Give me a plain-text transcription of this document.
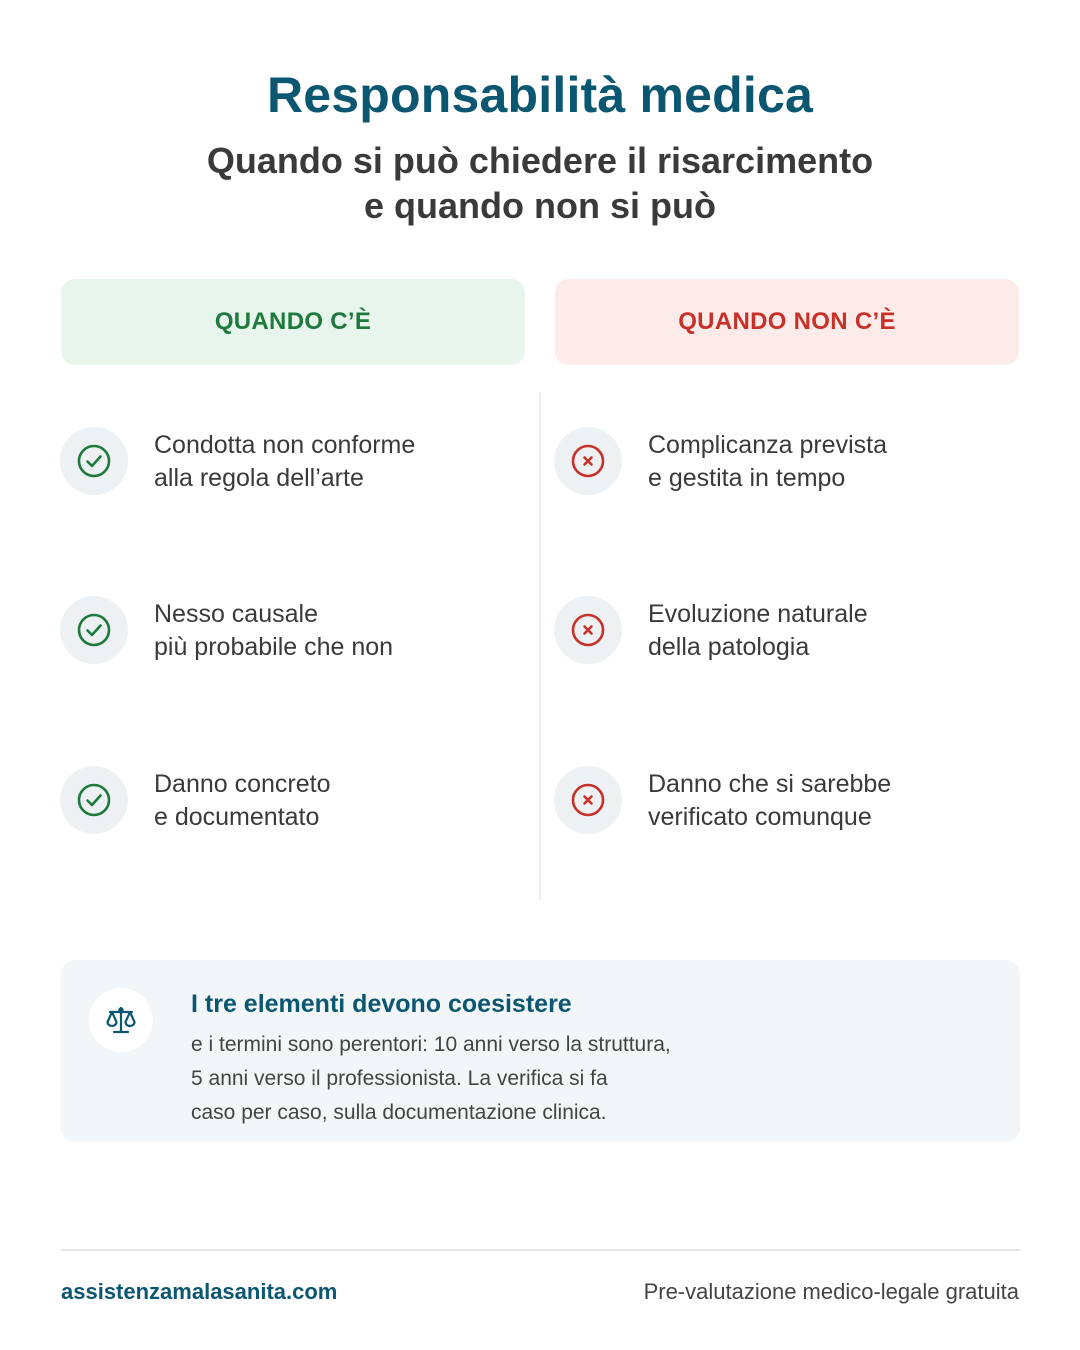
Responsabilità medica
Quando si può chiedere il risarcimento
e quando non si può
QUANDO C’È	QUANDO NON C’È
Condotta non conforme
alla regola dell’arte
Nesso causale
più probabile che non
Danno concreto
e documentato
Complicanza prevista
e gestita in tempo
Evoluzione naturale
della patologia
Danno che si sarebbe
verificato comunque
I tre elementi devono coesistere
e i termini sono perentori: 10 anni verso la struttura,
5 anni verso il professionista. La verifica si fa
caso per caso, sulla documentazione clinica.
assistenzamalasanita.com	Pre-valutazione medico-legale gratuita
